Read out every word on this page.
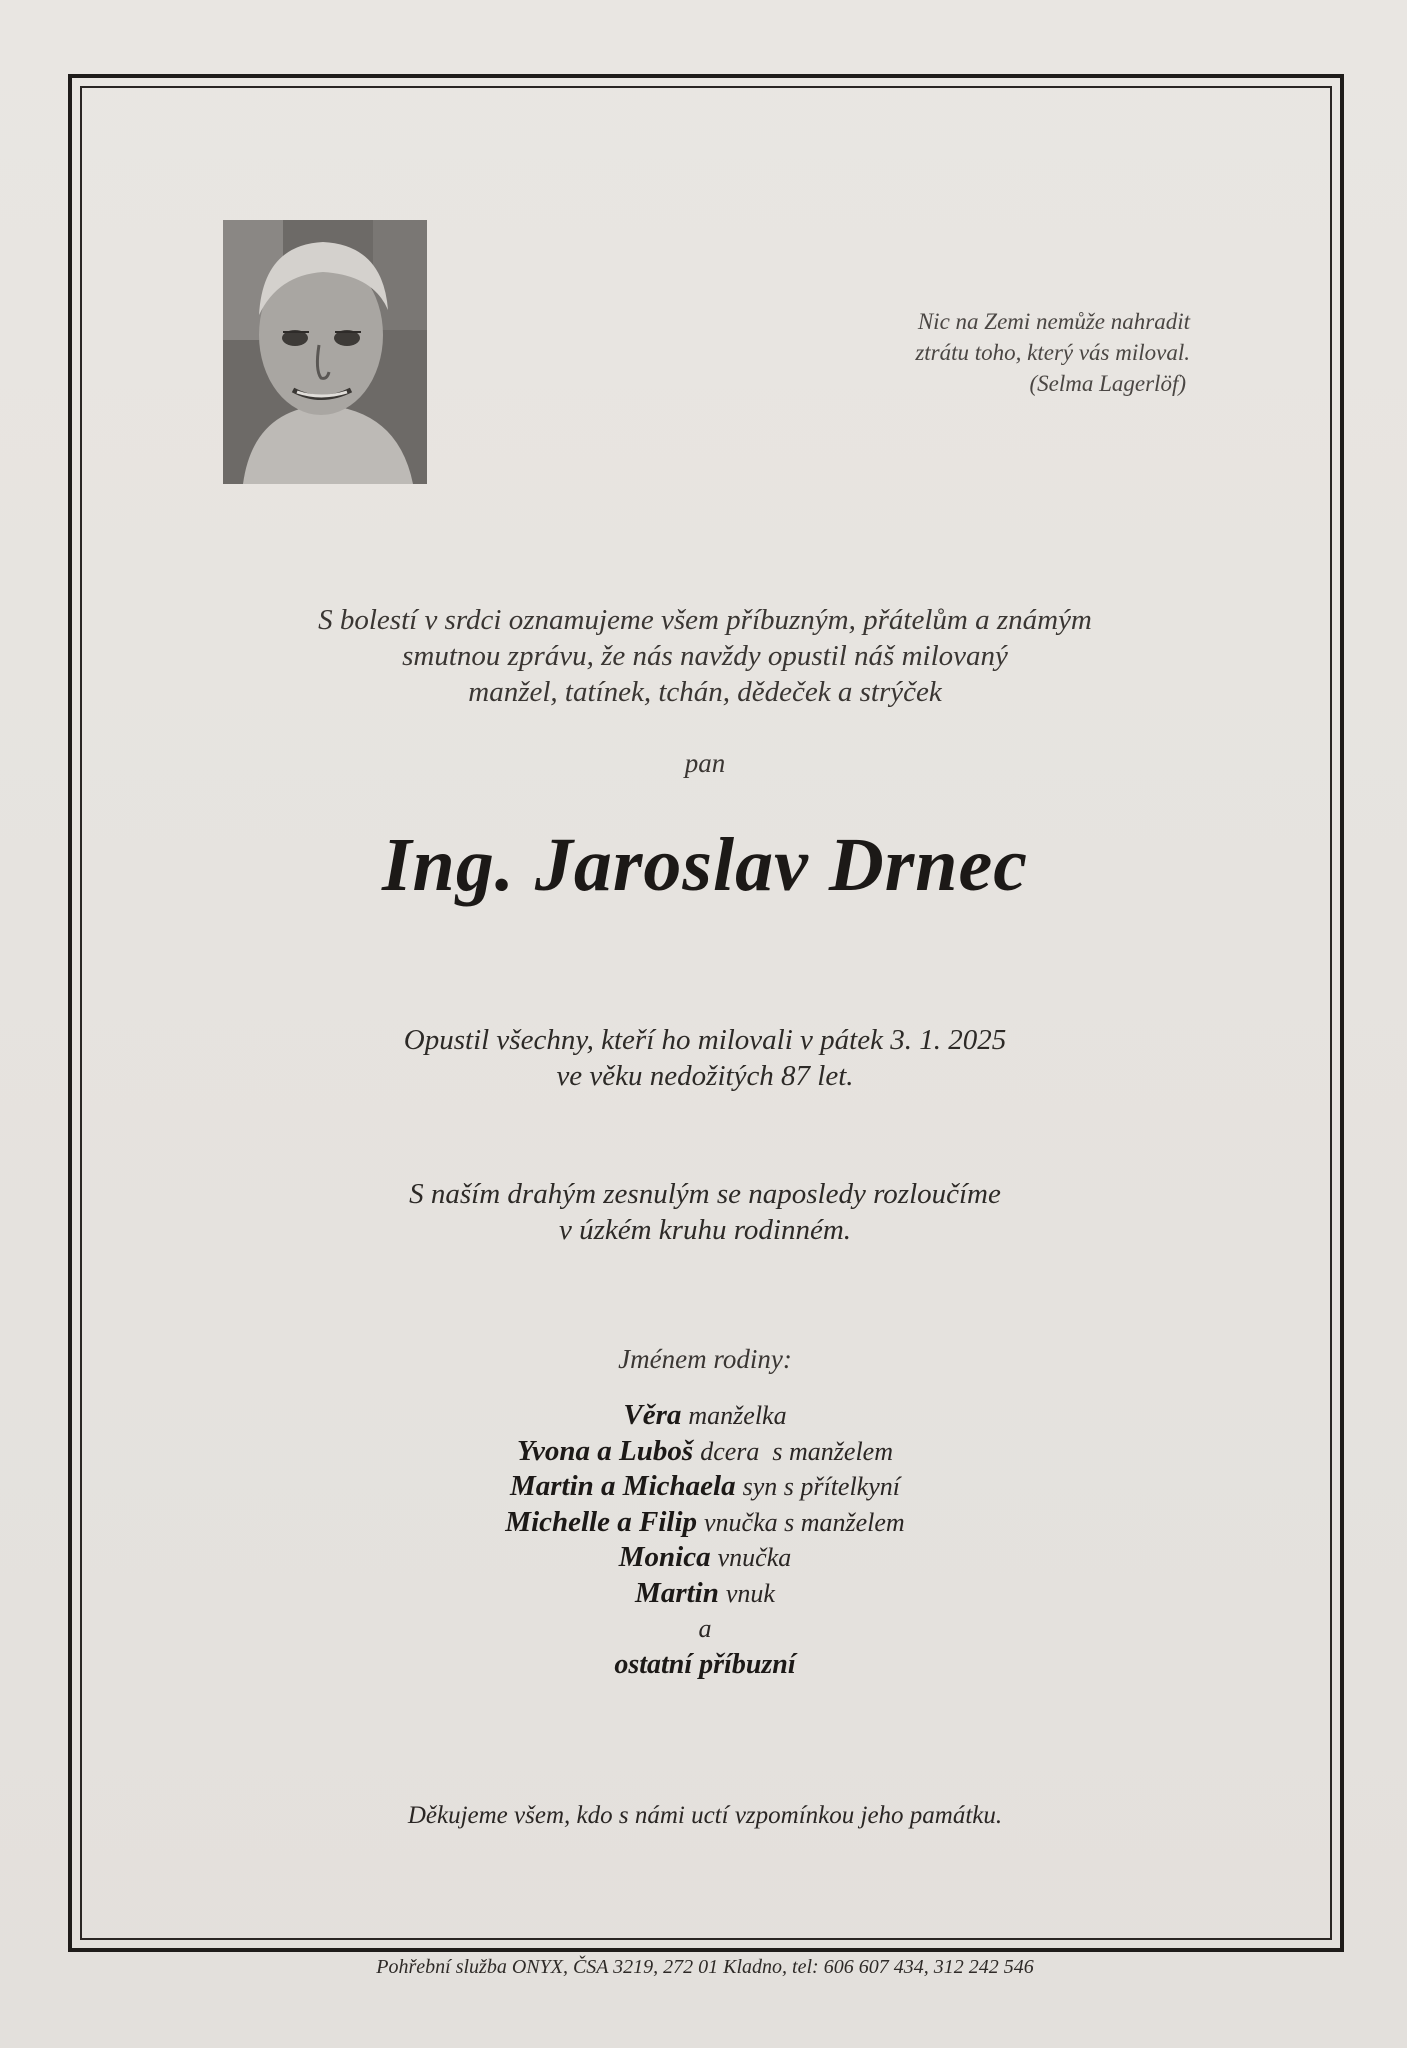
Nic na Zemi nemůže nahradit
ztrátu toho, který vás miloval.
(Selma Lagerlöf)
S bolestí v srdci oznamujeme všem příbuzným, přátelům a známým
smutnou zprávu, že nás navždy opustil náš milovaný
manžel, tatínek, tchán, dědeček a strýček
pan
Ing. Jaroslav Drnec
Opustil všechny, kteří ho milovali v pátek 3. 1. 2025
ve věku nedožitých 87 let.
S naším drahým zesnulým se naposledy rozloučíme
v úzkém kruhu rodinném.
Jménem rodiny:
Věra manželka
Yvona a Luboš dcera  s manželem
Martin a Michaela syn s přítelkyní
Michelle a Filip vnučka s manželem
Monica vnučka
Martin vnuk
a
ostatní příbuzní
Děkujeme všem, kdo s námi uctí vzpomínkou jeho památku.
Pohřební služba ONYX, ČSA 3219, 272 01 Kladno, tel: 606 607 434, 312 242 546
